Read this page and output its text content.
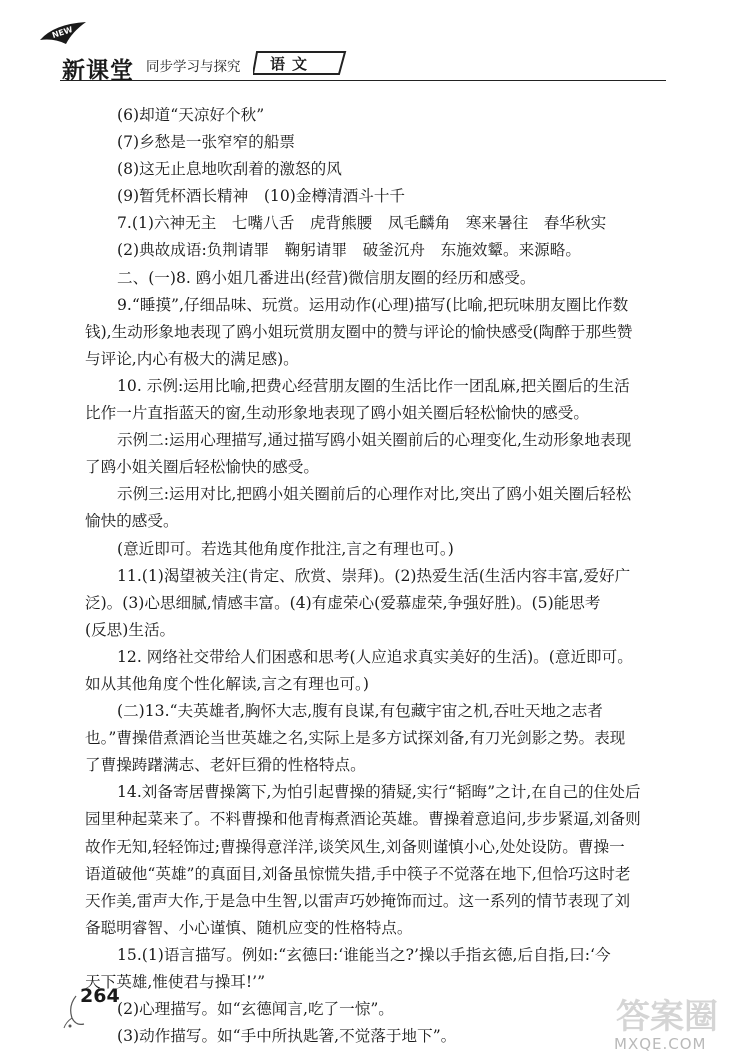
NEW
新课堂 同步学习与探究 语文
(6)却道“天凉好个秋”
(7)乡愁是一张窄窄的船票
(8)这无止息地吹刮着的激怒的风
(9)暂凭杯酒长精神　(10)金樽清酒斗十千
7.(1)六神无主　七嘴八舌　虎背熊腰　凤毛麟角　寒来暑往　春华秋实
(2)典故成语:负荆请罪　鞠躬请罪　破釜沉舟　东施效颦。来源略。
二、(一)8. 鸥小姐几番进出(经营)微信朋友圈的经历和感受。
9.“睡摸”,仔细品味、玩赏。运用动作(心理)描写(比喻,把玩味朋友圈比作数
钱),生动形象地表现了鸥小姐玩赏朋友圈中的赞与评论的愉快感受(陶醉于那些赞
与评论,内心有极大的满足感)。
10. 示例:运用比喻,把费心经营朋友圈的生活比作一团乱麻,把关圈后的生活
比作一片直指蓝天的窗,生动形象地表现了鸥小姐关圈后轻松愉快的感受。
示例二:运用心理描写,通过描写鸥小姐关圈前后的心理变化,生动形象地表现
了鸥小姐关圈后轻松愉快的感受。
示例三:运用对比,把鸥小姐关圈前后的心理作对比,突出了鸥小姐关圈后轻松
愉快的感受。
(意近即可。若选其他角度作批注,言之有理也可。)
11.(1)渴望被关注(肯定、欣赏、崇拜)。(2)热爱生活(生活内容丰富,爱好广
泛)。(3)心思细腻,情感丰富。(4)有虚荣心(爱慕虚荣,争强好胜)。(5)能思考
(反思)生活。
12. 网络社交带给人们困惑和思考(人应追求真实美好的生活)。(意近即可。
如从其他角度个性化解读,言之有理也可。)
(二)13.“夫英雄者,胸怀大志,腹有良谋,有包藏宇宙之机,吞吐天地之志者
也。”曹操借煮酒论当世英雄之名,实际上是多方试探刘备,有刀光剑影之势。表现
了曹操踌躇满志、老奸巨猾的性格特点。
14.刘备寄居曹操篱下,为怕引起曹操的猜疑,实行“韬晦”之计,在自己的住处后
园里种起菜来了。不料曹操和他青梅煮酒论英雄。曹操着意追问,步步紧逼,刘备则
故作无知,轻轻饰过;曹操得意洋洋,谈笑风生,刘备则谨慎小心,处处设防。曹操一
语道破他“英雄”的真面目,刘备虽惊慌失措,手中筷子不觉落在地下,但恰巧这时老
天作美,雷声大作,于是急中生智,以雷声巧妙掩饰而过。这一系列的情节表现了刘
备聪明睿智、小心谨慎、随机应变的性格特点。
15.(1)语言描写。例如:“玄德曰:‘谁能当之?’操以手指玄德,后自指,曰:‘今
天下英雄,惟使君与操耳!’”
(2)心理描写。如“玄德闻言,吃了一惊”。
(3)动作描写。如“手中所执匙箸,不觉落于地下”。
264
答案圈
MXQE.COM
